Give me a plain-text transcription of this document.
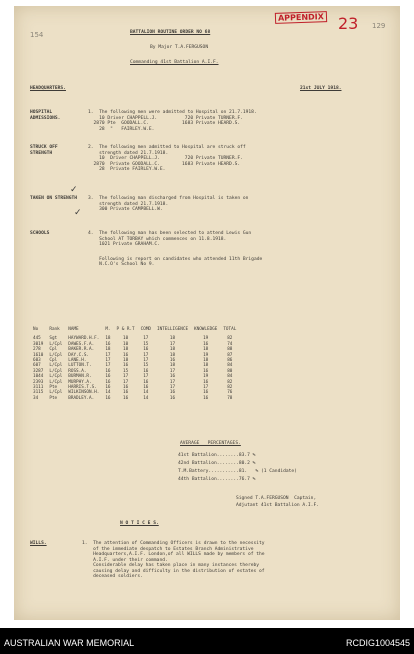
154
APPENDIX 23 129
BATTALION ROUTINE ORDER NO 68
By Major T.A.FERGUSON
Commanding 41st Battalion A.I.F.
HEADQUARTERS.	21st JULY 1918.
HOSPITAL ADMISSIONS.
1.  The following men were admitted to Hospital on 21.7.1918.
10 Driver CHAPPELL.J.          720 Private TURNER.F.
2870 Pte  GOODALL.C.            1683 Private HEARD.S.
28  "   FAIRLEY.W.E.
STRUCK OFF STRENGTH
2.  The following men admitted to Hospital are struck off
strength dated 21.7.1918.
10  Driver CHAPPELL.J.         720 Private TURNER.F.
2870  Private GOODALL.C.        1683 Private HEARD.S.
28  Private FAIRLEY.W.E.
TAKEN ON STRENGTH 3.  The following man discharged from Hospital is taken on
strength dated 21.7.1918.
300 Private CAMPBELL.W.
✓
✓
SCHOOLS	4.  The following man has been selected to attend Lewis Gun
School AT TORBAY which commences on 11.8.1918.
1021 Private GRAHAM.C.
Following is report on candidates who attended 11th Brigade
N.C.O's School No 9.
No	Rank	NAME	M.	P & R.T	COMD	INTELLIGENCE	KNOWLEDGE	TOTAL
445	Sgt	HAYWARD.H.F.	18	10	17	18	19	82
3019	L/Cpl	DAWES.F.A.	16	10	15	17	16	74
278	Cpl	BAKER.R.A.	18	18	16	18	18	88
1610	L/Cpl	DAY.C.S.	17	16	17	18	19	87
603	Cpl	LANE.H.	17	18	17	16	18	86
607	L/Cpl	LUTTON.T.	17	16	15	18	18	84
3287	L/Cpl	ROSS.A.	16	15	16	17	16	80

1044	L/Cpl	BURMAN.R.	16	17	17	16	19	84
2393	L/Cpl	MURPHY.A.	16	17	16	17	16	82
3111	Pte	HARRIS.T.S.	16	16	16	17	17	82
3115	L/Cpl	WILKINSON.H.	14	16	14	16	16	76
34	Pte	BRADLEY.A.	16	16	14	16	16	78
AVERAGE   PERCENTAGES.
41st Battalion........83.7 %
42nd Battalion........80.2 %
T.M.Battery...........81.   % (1 Candidate)
44th Battalion........76.7 %
Signed T.A.FERGUSON  Captain,
Adjutant 41st Battalion A.I.F.
N O T I C E S.
WILLS.	1.  The attention of Commanding Officers is drawn to the necessity
of the immediate despatch to Estates Branch Administrative
Headquarters,A.I.F. London,of all WILLS made by members of the
A.I.F. under their command.
Considerable delay has taken place in many instances thereby
causing delay and difficulty in the distribution of estates of
deceased soldiers.
AUSTRALIAN WAR MEMORIAL	RCDIG1004545
